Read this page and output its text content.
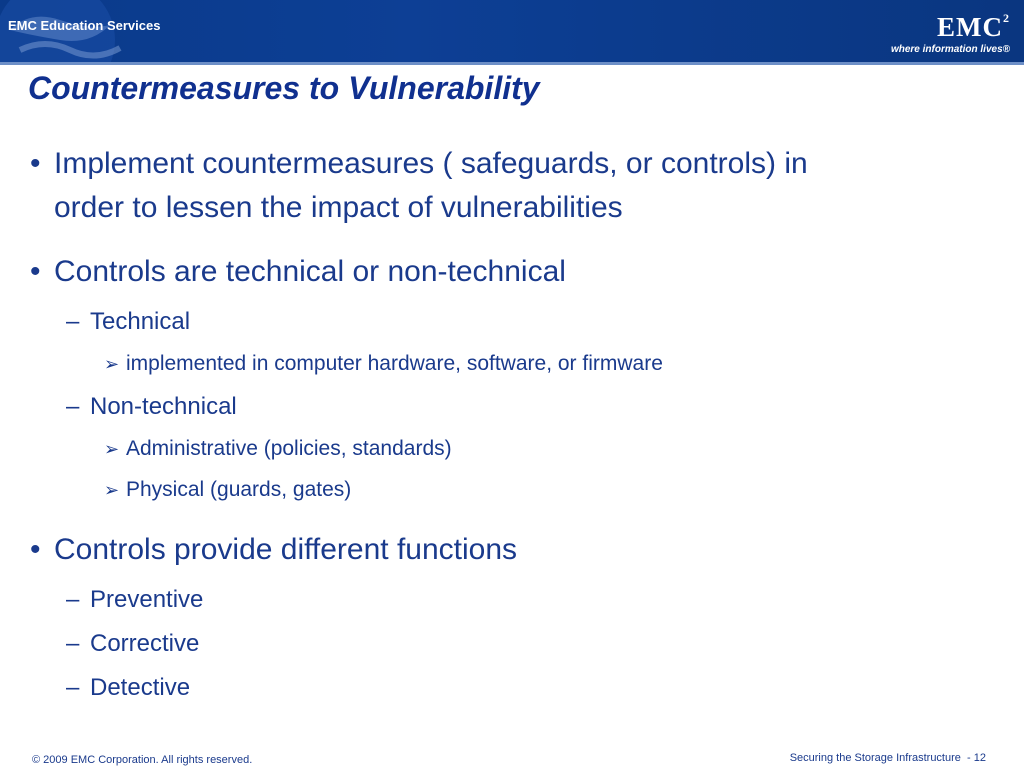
EMC Education Services	EMC$^2$
where information lives®
Countermeasures to Vulnerability
• Implement countermeasures ( safeguards, or controls) in
order to lessen the impact of vulnerabilities
• Controls are technical or non-technical
– Technical
➢ implemented in computer hardware, software, or firmware
– Non-technical
➢ Administrative (policies, standards)
➢ Physical (guards, gates)
• Controls provide different functions
– Preventive
– Corrective
– Detective
© 2009 EMC Corporation. All rights reserved.	Securing the Storage Infrastructure - 12
